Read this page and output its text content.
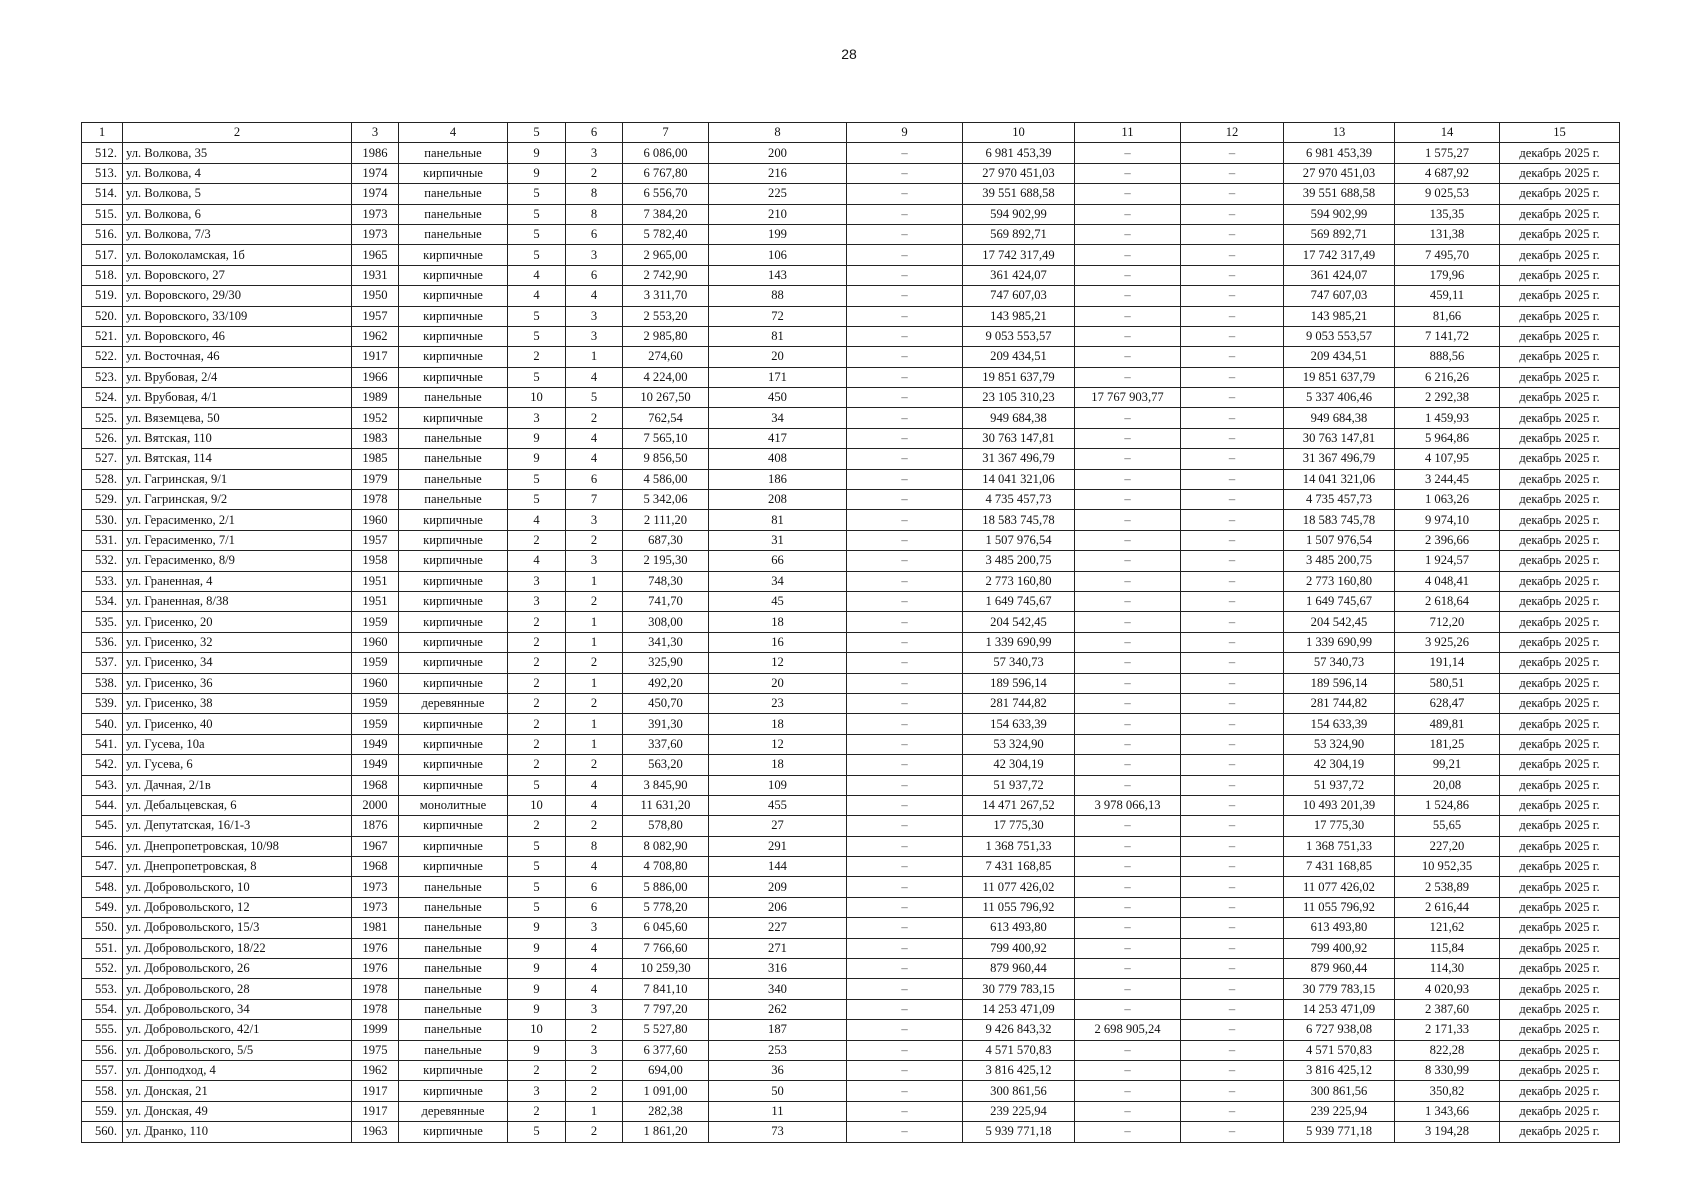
28
1	2	3	4	5	6	7	8	9	10	11	12	13	14	15
512.	ул. Волкова, 35	1986	панельные	9	3	6 086,00	200	–	6 981 453,39	–	–	6 981 453,39	1 575,27	декабрь 2025 г.
513.	ул. Волкова, 4	1974	кирпичные	9	2	6 767,80	216	–	27 970 451,03	–	–	27 970 451,03	4 687,92	декабрь 2025 г.
514.	ул. Волкова, 5	1974	панельные	5	8	6 556,70	225	–	39 551 688,58	–	–	39 551 688,58	9 025,53	декабрь 2025 г.
515.	ул. Волкова, 6	1973	панельные	5	8	7 384,20	210	–	594 902,99	–	–	594 902,99	135,35	декабрь 2025 г.
516.	ул. Волкова, 7/3	1973	панельные	5	6	5 782,40	199	–	569 892,71	–	–	569 892,71	131,38	декабрь 2025 г.
517.	ул. Волоколамская, 1б	1965	кирпичные	5	3	2 965,00	106	–	17 742 317,49	–	–	17 742 317,49	7 495,70	декабрь 2025 г.
518.	ул. Воровского, 27	1931	кирпичные	4	6	2 742,90	143	–	361 424,07	–	–	361 424,07	179,96	декабрь 2025 г.
519.	ул. Воровского, 29/30	1950	кирпичные	4	4	3 311,70	88	–	747 607,03	–	–	747 607,03	459,11	декабрь 2025 г.
520.	ул. Воровского, 33/109	1957	кирпичные	5	3	2 553,20	72	–	143 985,21	–	–	143 985,21	81,66	декабрь 2025 г.
521.	ул. Воровского, 46	1962	кирпичные	5	3	2 985,80	81	–	9 053 553,57	–	–	9 053 553,57	7 141,72	декабрь 2025 г.
522.	ул. Восточная, 46	1917	кирпичные	2	1	274,60	20	–	209 434,51	–	–	209 434,51	888,56	декабрь 2025 г.
523.	ул. Врубовая, 2/4	1966	кирпичные	5	4	4 224,00	171	–	19 851 637,79	–	–	19 851 637,79	6 216,26	декабрь 2025 г.
524.	ул. Врубовая, 4/1	1989	панельные	10	5	10 267,50	450	–	23 105 310,23	17 767 903,77	–	5 337 406,46	2 292,38	декабрь 2025 г.
525.	ул. Вяземцева, 50	1952	кирпичные	3	2	762,54	34	–	949 684,38	–	–	949 684,38	1 459,93	декабрь 2025 г.
526.	ул. Вятская, 110	1983	панельные	9	4	7 565,10	417	–	30 763 147,81	–	–	30 763 147,81	5 964,86	декабрь 2025 г.
527.	ул. Вятская, 114	1985	панельные	9	4	9 856,50	408	–	31 367 496,79	–	–	31 367 496,79	4 107,95	декабрь 2025 г.
528.	ул. Гагринская, 9/1	1979	панельные	5	6	4 586,00	186	–	14 041 321,06	–	–	14 041 321,06	3 244,45	декабрь 2025 г.
529.	ул. Гагринская, 9/2	1978	панельные	5	7	5 342,06	208	–	4 735 457,73	–	–	4 735 457,73	1 063,26	декабрь 2025 г.
530.	ул. Герасименко, 2/1	1960	кирпичные	4	3	2 111,20	81	–	18 583 745,78	–	–	18 583 745,78	9 974,10	декабрь 2025 г.
531.	ул. Герасименко, 7/1	1957	кирпичные	2	2	687,30	31	–	1 507 976,54	–	–	1 507 976,54	2 396,66	декабрь 2025 г.
532.	ул. Герасименко, 8/9	1958	кирпичные	4	3	2 195,30	66	–	3 485 200,75	–	–	3 485 200,75	1 924,57	декабрь 2025 г.
533.	ул. Граненная, 4	1951	кирпичные	3	1	748,30	34	–	2 773 160,80	–	–	2 773 160,80	4 048,41	декабрь 2025 г.
534.	ул. Граненная, 8/38	1951	кирпичные	3	2	741,70	45	–	1 649 745,67	–	–	1 649 745,67	2 618,64	декабрь 2025 г.
535.	ул. Грисенко, 20	1959	кирпичные	2	1	308,00	18	–	204 542,45	–	–	204 542,45	712,20	декабрь 2025 г.
536.	ул. Грисенко, 32	1960	кирпичные	2	1	341,30	16	–	1 339 690,99	–	–	1 339 690,99	3 925,26	декабрь 2025 г.
537.	ул. Грисенко, 34	1959	кирпичные	2	2	325,90	12	–	57 340,73	–	–	57 340,73	191,14	декабрь 2025 г.
538.	ул. Грисенко, 36	1960	кирпичные	2	1	492,20	20	–	189 596,14	–	–	189 596,14	580,51	декабрь 2025 г.
539.	ул. Грисенко, 38	1959	деревянные	2	2	450,70	23	–	281 744,82	–	–	281 744,82	628,47	декабрь 2025 г.
540.	ул. Грисенко, 40	1959	кирпичные	2	1	391,30	18	–	154 633,39	–	–	154 633,39	489,81	декабрь 2025 г.
541.	ул. Гусева, 10а	1949	кирпичные	2	1	337,60	12	–	53 324,90	–	–	53 324,90	181,25	декабрь 2025 г.
542.	ул. Гусева, 6	1949	кирпичные	2	2	563,20	18	–	42 304,19	–	–	42 304,19	99,21	декабрь 2025 г.
543.	ул. Дачная, 2/1в	1968	кирпичные	5	4	3 845,90	109	–	51 937,72	–	–	51 937,72	20,08	декабрь 2025 г.
544.	ул. Дебальцевская, 6	2000	монолитные	10	4	11 631,20	455	–	14 471 267,52	3 978 066,13	–	10 493 201,39	1 524,86	декабрь 2025 г.
545.	ул. Депутатская, 16/1-3	1876	кирпичные	2	2	578,80	27	–	17 775,30	–	–	17 775,30	55,65	декабрь 2025 г.
546.	ул. Днепропетровская, 10/98	1967	кирпичные	5	8	8 082,90	291	–	1 368 751,33	–	–	1 368 751,33	227,20	декабрь 2025 г.
547.	ул. Днепропетровская, 8	1968	кирпичные	5	4	4 708,80	144	–	7 431 168,85	–	–	7 431 168,85	10 952,35	декабрь 2025 г.
548.	ул. Добровольского, 10	1973	панельные	5	6	5 886,00	209	–	11 077 426,02	–	–	11 077 426,02	2 538,89	декабрь 2025 г.
549.	ул. Добровольского, 12	1973	панельные	5	6	5 778,20	206	–	11 055 796,92	–	–	11 055 796,92	2 616,44	декабрь 2025 г.
550.	ул. Добровольского, 15/3	1981	панельные	9	3	6 045,60	227	–	613 493,80	–	–	613 493,80	121,62	декабрь 2025 г.
551.	ул. Добровольского, 18/22	1976	панельные	9	4	7 766,60	271	–	799 400,92	–	–	799 400,92	115,84	декабрь 2025 г.
552.	ул. Добровольского, 26	1976	панельные	9	4	10 259,30	316	–	879 960,44	–	–	879 960,44	114,30	декабрь 2025 г.
553.	ул. Добровольского, 28	1978	панельные	9	4	7 841,10	340	–	30 779 783,15	–	–	30 779 783,15	4 020,93	декабрь 2025 г.
554.	ул. Добровольского, 34	1978	панельные	9	3	7 797,20	262	–	14 253 471,09	–	–	14 253 471,09	2 387,60	декабрь 2025 г.
555.	ул. Добровольского, 42/1	1999	панельные	10	2	5 527,80	187	–	9 426 843,32	2 698 905,24	–	6 727 938,08	2 171,33	декабрь 2025 г.
556.	ул. Добровольского, 5/5	1975	панельные	9	3	6 377,60	253	–	4 571 570,83	–	–	4 571 570,83	822,28	декабрь 2025 г.
557.	ул. Донподход, 4	1962	кирпичные	2	2	694,00	36	–	3 816 425,12	–	–	3 816 425,12	8 330,99	декабрь 2025 г.
558.	ул. Донская, 21	1917	кирпичные	3	2	1 091,00	50	–	300 861,56	–	–	300 861,56	350,82	декабрь 2025 г.
559.	ул. Донская, 49	1917	деревянные	2	1	282,38	11	–	239 225,94	–	–	239 225,94	1 343,66	декабрь 2025 г.
560.	ул. Дранко, 110	1963	кирпичные	5	2	1 861,20	73	–	5 939 771,18	–	–	5 939 771,18	3 194,28	декабрь 2025 г.
